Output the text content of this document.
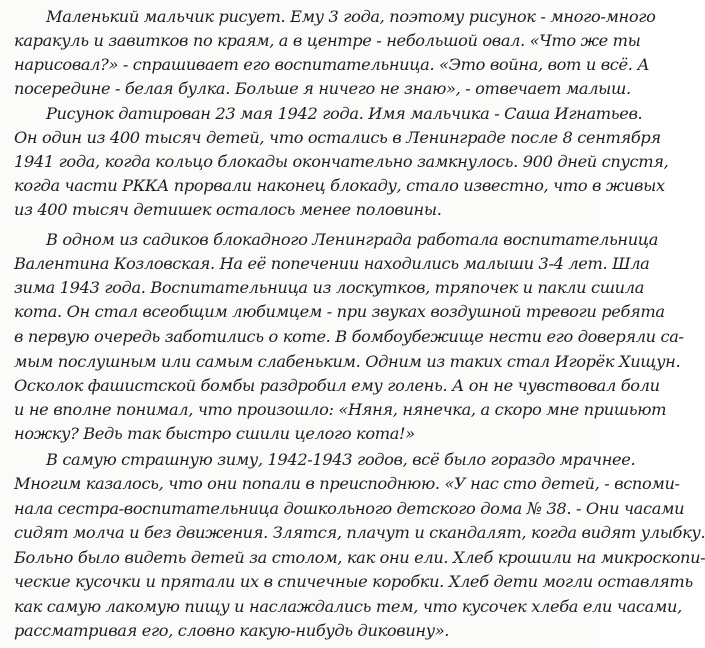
Маленький мальчик рисует. Ему 3 года, поэтому рисунок - много-много
каракуль и завитков по краям, а в центре - небольшой овал. «Что же ты
нарисовал?» - спрашивает его воспитательница. «Это война, вот и всё. А
посередине - белая булка. Больше я ничего не знаю», - отвечает малыш.
Рисунок датирован 23 мая 1942 года. Имя мальчика - Саша Игнатьев.
Он один из 400 тысяч детей, что остались в Ленинграде после 8 сентября
1941 года, когда кольцо блокады окончательно замкнулось. 900 дней спустя,
когда части РККА прорвали наконец блокаду, стало известно, что в живых
из 400 тысяч детишек осталось менее половины.
В одном из садиков блокадного Ленинграда работала воспитательница
Валентина Козловская. На её попечении находились малыши 3-4 лет. Шла
зима 1943 года. Воспитательница из лоскутков, тряпочек и пакли сшила
кота. Он стал всеобщим любимцем - при звуках воздушной тревоги ребята
в первую очередь заботились о коте. В бомбоубежище нести его доверяли са-
мым послушным или самым слабеньким. Одним из таких стал Игорёк Хищун.
Осколок фашистской бомбы раздробил ему голень. А он не чувствовал боли
и не вполне понимал, что произошло: «Няня, нянечка, а скоро мне пришьют
ножку? Ведь так быстро сшили целого кота!»
В самую страшную зиму, 1942-1943 годов, всё было гораздо мрачнее.
Многим казалось, что они попали в преисподнюю. «У нас сто детей, - вспоми-
нала сестра-воспитательница дошкольного детского дома № 38. - Они часами
сидят молча и без движения. Злятся, плачут и скандалят, когда видят улыбку.
Больно было видеть детей за столом, как они ели. Хлеб крошили на микроскопи-
ческие кусочки и прятали их в спичечные коробки. Хлеб дети могли оставлять
как самую лакомую пищу и наслаждались тем, что кусочек хлеба ели часами,
рассматривая его, словно какую-нибудь диковину».
